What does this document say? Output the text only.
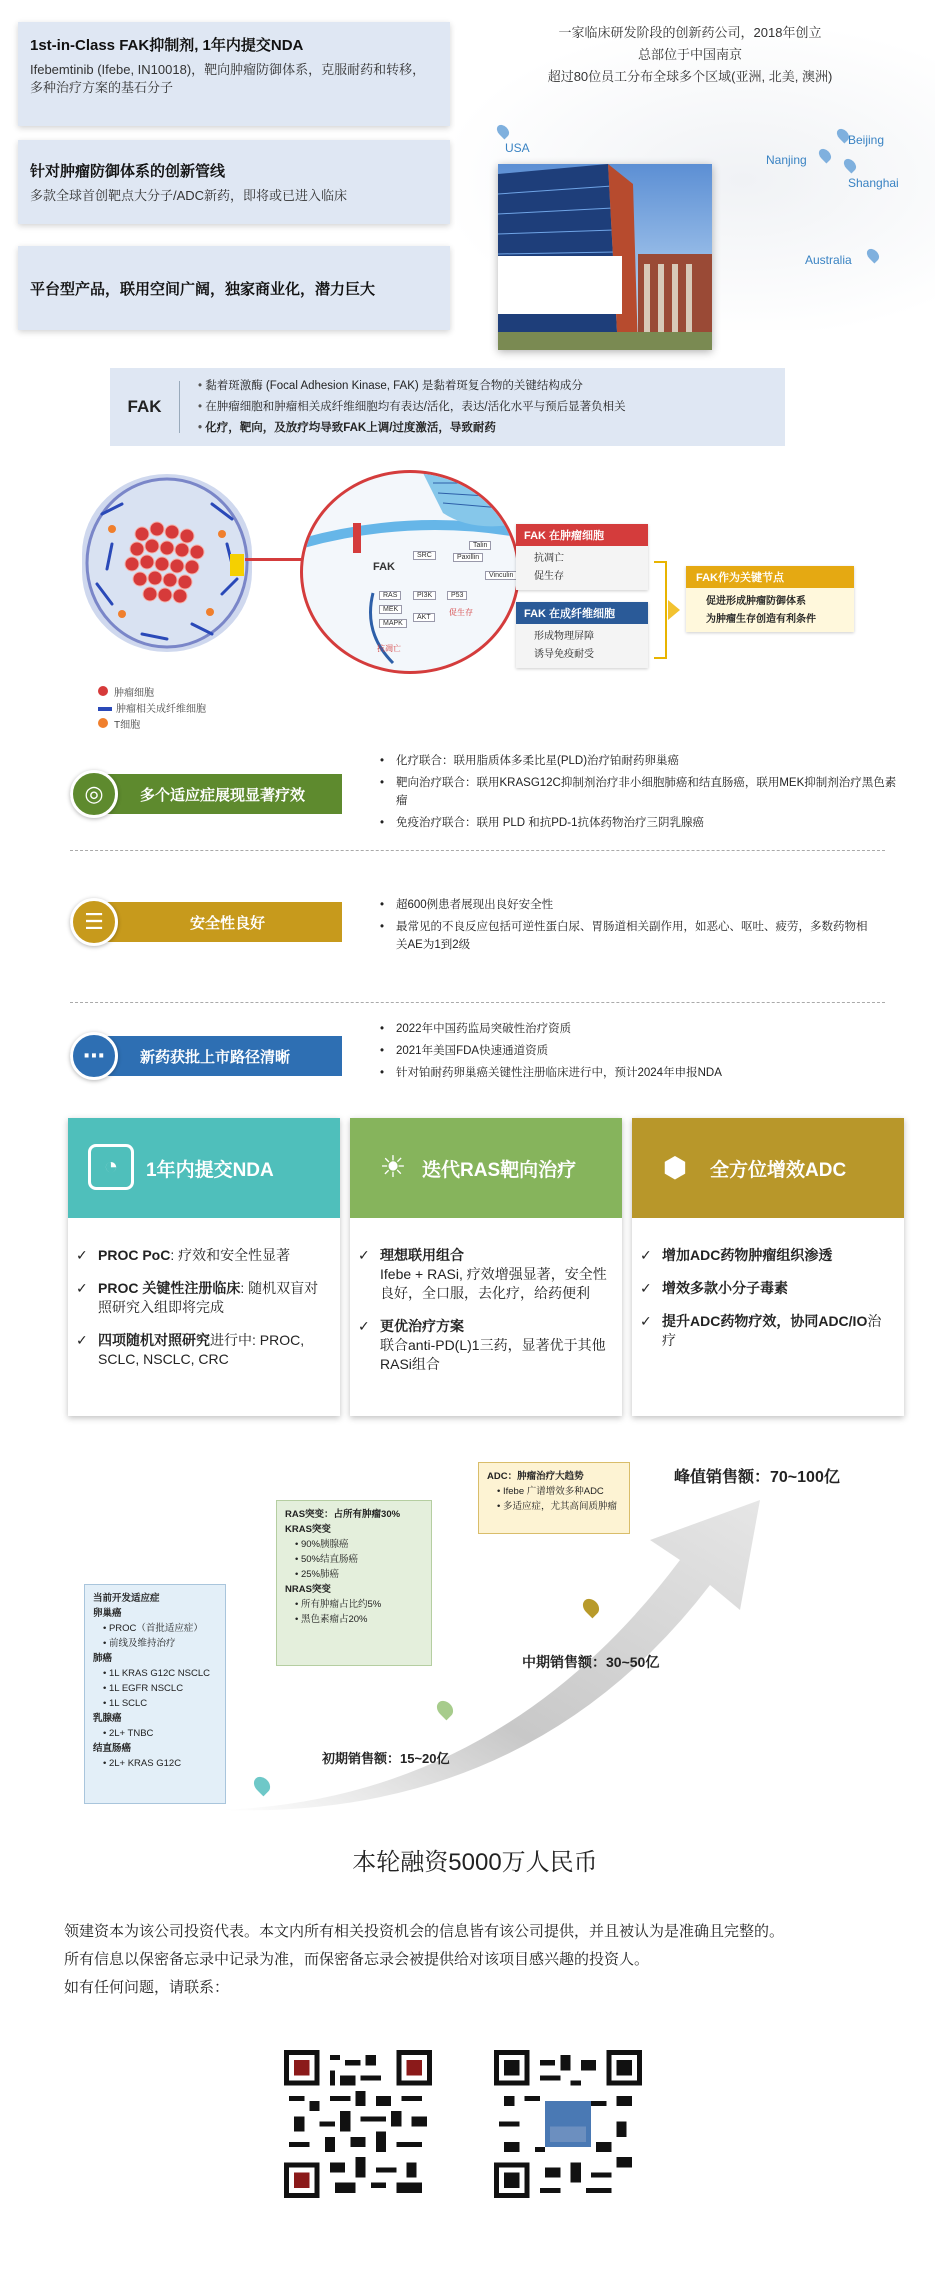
1st-in-Class FAK抑制剂, 1年内提交NDA

Ifebemtinib (Ifebe, IN10018)，靶向肿瘤防御体系，克服耐药和转移，多种治疗方案的基石分子

针对肿瘤防御体系的创新管线

多款全球首创靶点大分子/ADC新药，即将或已进入临床

平台型产品，联用空间广阔，独家商业化，潜力巨大
一家临床研发阶段的创新药公司，2018年创立
总部位于中国南京
超过80位员工分布全球多个区域(亚洲, 北美, 澳洲)
USA
Beijing
Nanjing
Shanghai
Australia
FAK
• 黏着斑激酶 (Focal Adhesion Kinase, FAK) 是黏着斑复合物的关键结构成分
• 在肿瘤细胞和肿瘤相关成纤维细胞均有表达/活化，表达/活化水平与预后显著负相关
• 化疗，靶向，及放疗均导致FAK上调/过度激活，导致耐药
肿瘤细胞
肿瘤相关成纤维细胞
T细胞
FAK
SRC
Talin
Paxillin
Vinculin
RAS	PI3K	P53
MEK
AKT
MAPK
抗凋亡
促生存
FAK 在肿瘤细胞
抗凋亡
促生存
FAK 在成纤维细胞
形成物理屏障
诱导免疫耐受
FAK作为关键节点
促进形成肿瘤防御体系
为肿瘤生存创造有利条件
◎	多个适应症展现显著疗效
• 化疗联合：联用脂质体多柔比星(PLD)治疗铂耐药卵巢癌
• 靶向治疗联合：联用KRASG12C抑制剂治疗非小细胞肺癌和结直肠癌，联用MEK抑制剂治疗黑色素瘤
• 免疫治疗联合：联用 PLD 和抗PD-1抗体药物治疗三阴乳腺癌
☰	安全性良好
• 超600例患者展现出良好安全性
• 最常见的不良反应包括可逆性蛋白尿、胃肠道相关副作用，如恶心、呕吐、疲劳，多数药物相关AE为1到2级
⋯	新药获批上市路径清晰
• 2022年中国药监局突破性治疗资质
• 2021年美国FDA快速通道资质
• 针对铂耐药卵巢癌关键性注册临床进行中，预计2024年申报NDA
◔	1年内提交NDA
✓ PROC PoC: 疗效和安全性显著
✓ PROC 关键性注册临床: 随机双盲对照研究入组即将完成
✓ 四项随机对照研究进行中: PROC, SCLC, NSCLC, CRC
☀ 迭代RAS靶向治疗
✓ 理想联用组合
Ifebe + RASi, 疗效增强显著，安全性良好，全口服，去化疗，给药便利
✓ 更优治疗方案
联合anti-PD(L)1三药，显著优于其他RASi组合
⬢	全方位增效ADC
✓ 增加ADC药物肿瘤组织渗透
✓ 增效多款小分子毒素
✓ 提升ADC药物疗效，协同ADC/IO治疗
当前开发适应症
卵巢癌
• PROC（首批适应症）
• 前线及维持治疗
肺癌
• 1L KRAS G12C NSCLC
• 1L EGFR NSCLC
• 1L SCLC
乳腺癌
• 2L+ TNBC
结直肠癌
• 2L+ KRAS G12C
RAS突变：占所有肿瘤30%
KRAS突变
• 90%胰腺癌
• 50%结直肠癌
• 25%肺癌
NRAS突变
• 所有肿瘤占比约5%
• 黑色素瘤占20%
ADC：肿瘤治疗大趋势
• Ifebe 广谱增效多种ADC
• 多适应症，尤其高间质肿瘤
初期销售额：15~20亿
中期销售额：30~50亿
峰值销售额：70~100亿
本轮融资5000万人民币
领建资本为该公司投资代表。本文内所有相关投资机会的信息皆有该公司提供，并且被认为是准确且完整的。
所有信息以保密备忘录中记录为准，而保密备忘录会被提供给对该项目感兴趣的投资人。
如有任何问题，请联系：
